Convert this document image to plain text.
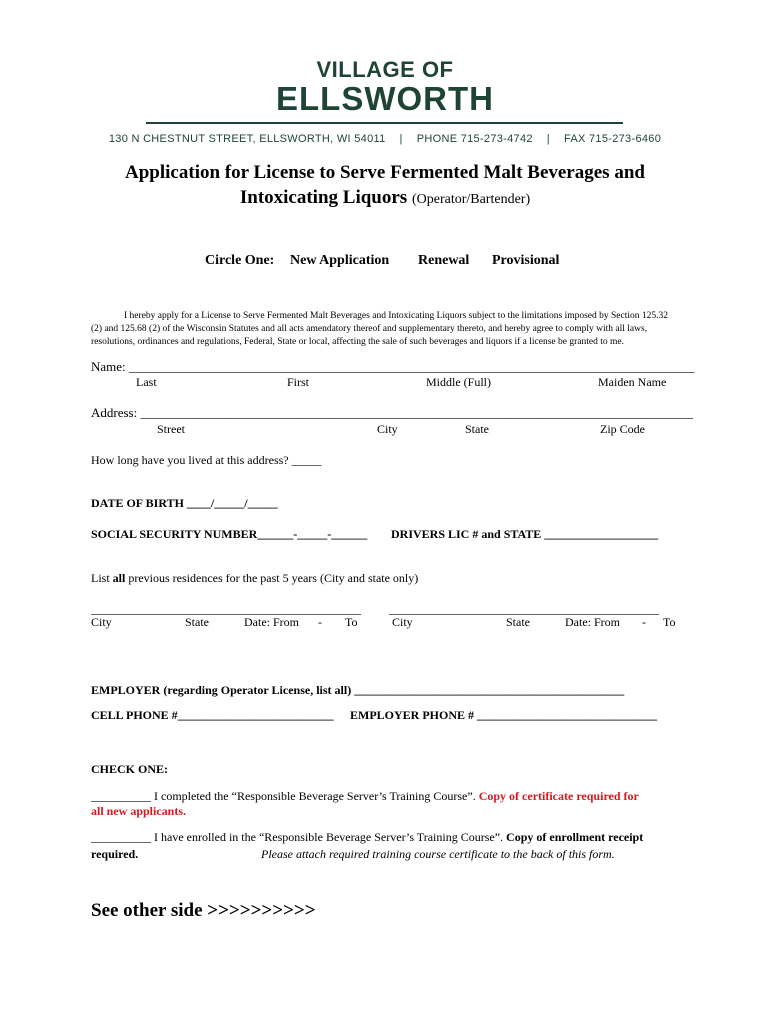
VILLAGE OF
ELLSWORTH
130 N CHESTNUT STREET, ELLSWORTH, WI 54011 | PHONE 715-273-4742 | FAX 715-273-6460
Application for License to Serve Fermented Malt Beverages and
Intoxicating Liquors (Operator/Bartender)
Circle One: New Application Renewal Provisional
I hereby apply for a License to Serve Fermented Malt Beverages and Intoxicating Liquors subject to the limitations imposed by Section 125.32 (2) and 125.68 (2) of the Wisconsin Statutes and all acts amendatory thereof and supplementary thereto, and hereby agree to comply with all laws, resolutions, ordinances and regulations, Federal, State or local, affecting the sale of such beverages and liquors if a license be granted to me.
Name: _______________________________________________________________________________________
Last	First	Middle (Full)	Maiden Name
Address: _____________________________________________________________________________________
Street	City	State	Zip Code
How long have you lived at this address? _____
DATE OF BIRTH ____/_____/_____
SOCIAL SECURITY NUMBER______-_____-______ DRIVERS LIC # and STATE ___________________
List all previous residences for the past 5 years (City and state only)
_____________________________________________ _____________________________________________
City	State	Date: From - To	City	State	Date: From - To
EMPLOYER (regarding Operator License, list all) _____________________________________________
CELL PHONE #__________________________ EMPLOYER PHONE # ______________________________
CHECK ONE:
__________ I completed the “Responsible Beverage Server’s Training Course”. Copy of certificate required for
all new applicants.
__________ I have enrolled in the “Responsible Beverage Server’s Training Course”. Copy of enrollment receipt
required.	Please attach required training course certificate to the back of this form.
See other side >>>>>>>>>>
